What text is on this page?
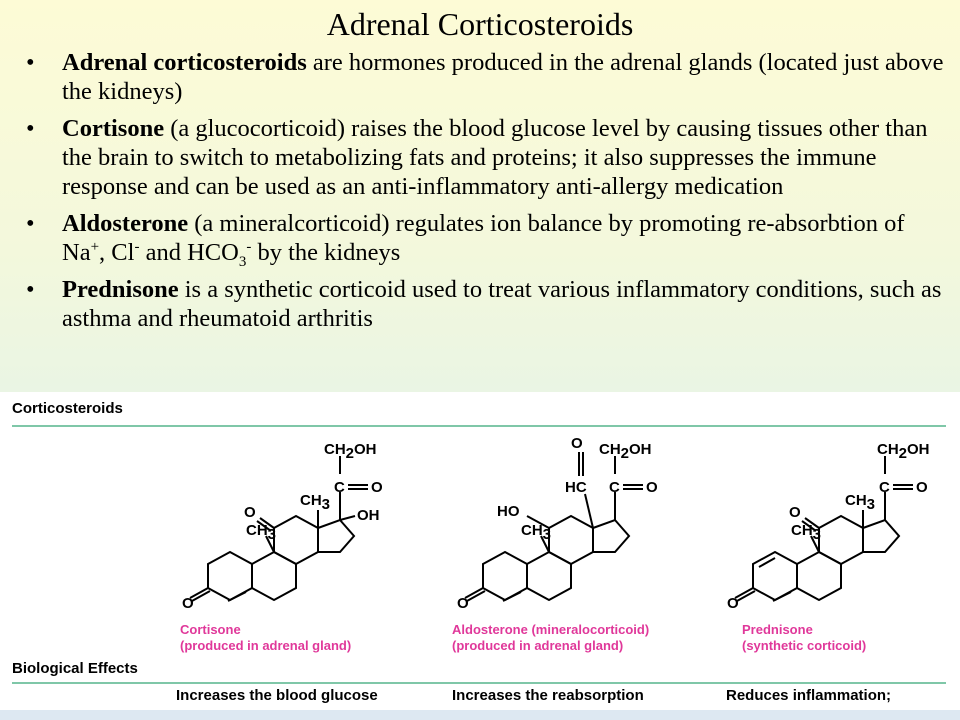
Adrenal Corticosteroids
• Adrenal corticosteroids are hormones produced in the adrenal glands (located just above the kidneys)
• Cortisone (a glucocorticoid) raises the blood glucose level by causing tissues other than the brain to switch to metabolizing fats and proteins; it also suppresses the immune response and can be used as an anti-inflammatory anti-allergy medication
• Aldosterone (a mineralcorticoid) regulates ion balance by promoting re-absorbtion of Na+, Cl- and $HCO_3^-$ by the kidneys
• Prednisone is a synthetic corticoid used to treat various inflammatory conditions, such as asthma and rheumatoid arthritis
Corticosteroids
O
O
CH3
CH3
C O
OH
CH2OH
O
HO
CH3
O
HC C O
CH2OH
O
O
CH3
CH3
C O
CH2OH
Cortisone
(produced in adrenal gland)
Aldosterone (mineralocorticoid)
(produced in adrenal gland)
Prednisone
(synthetic corticoid)
Biological Effects
Increases the blood glucose	Increases the reabsorption	Reduces inflammation;
